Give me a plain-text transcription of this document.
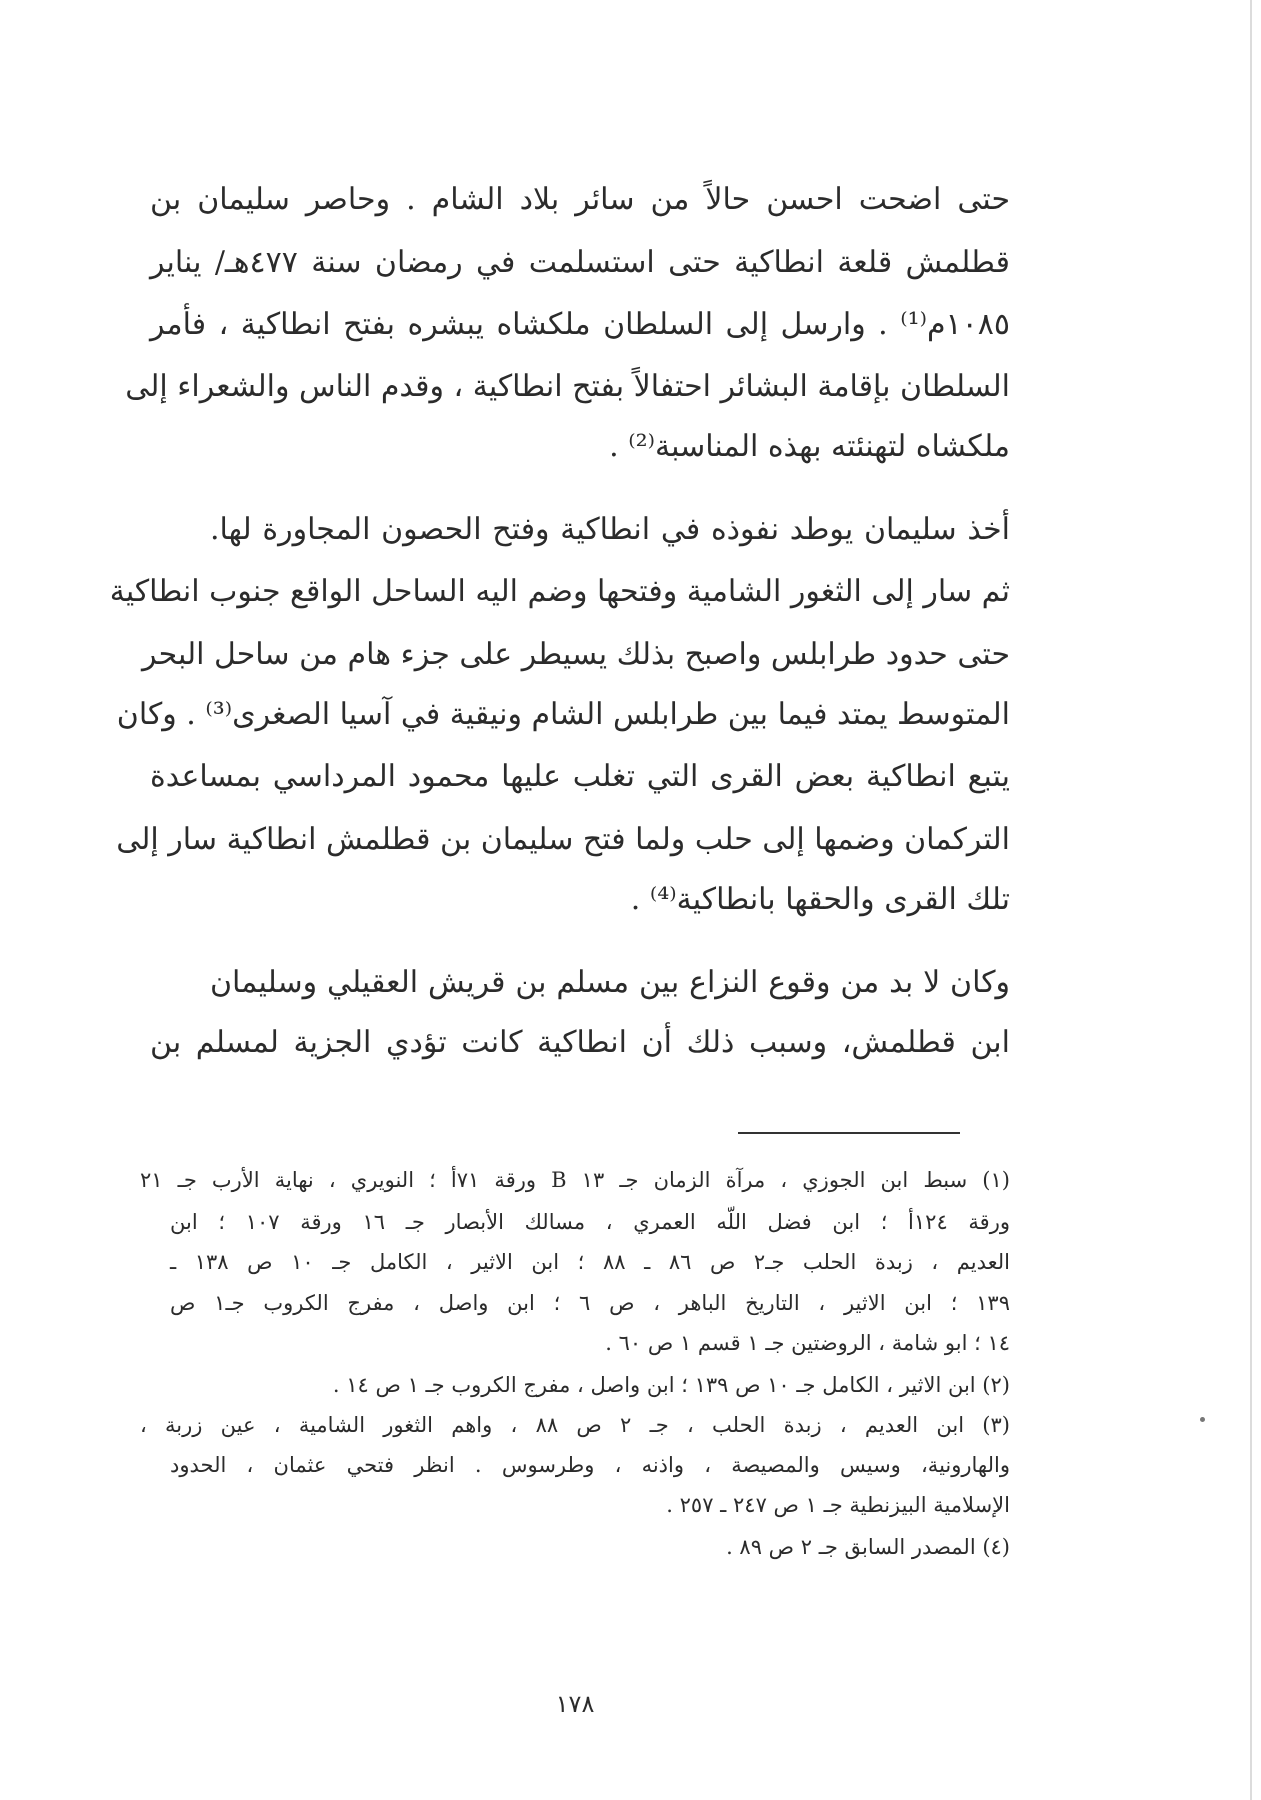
حتى اضحت احسن حالاً من سائر بلاد الشام . وحاصر سليمان بن
قطلمش قلعة انطاكية حتى استسلمت في رمضان سنة ٤٧٧هـ/ يناير
١٠٨٥م⁽¹⁾ . وارسل إلى السلطان ملكشاه يبشره بفتح انطاكية ، فأمر
السلطان بإقامة البشائر احتفالاً بفتح انطاكية ، وقدم الناس والشعراء إلى
ملكشاه لتهنئته بهذه المناسبة⁽²⁾ .
أخذ سليمان يوطد نفوذه في انطاكية وفتح الحصون المجاورة لها.
ثم سار إلى الثغور الشامية وفتحها وضم اليه الساحل الواقع جنوب انطاكية
حتى حدود طرابلس واصبح بذلك يسيطر على جزء هام من ساحل البحر
المتوسط يمتد فيما بين طرابلس الشام ونيقية في آسيا الصغرى⁽³⁾ . وكان
يتبع انطاكية بعض القرى التي تغلب عليها محمود المرداسي بمساعدة
التركمان وضمها إلى حلب ولما فتح سليمان بن قطلمش انطاكية سار إلى
تلك القرى والحقها بانطاكية⁽⁴⁾ .
وكان لا بد من وقوع النزاع بين مسلم بن قريش العقيلي وسليمان
ابن قطلمش، وسبب ذلك أن انطاكية كانت تؤدي الجزية لمسلم بن
(١) سبط ابن الجوزي ، مرآة الزمان جـ ١٣ B ورقة ٧١أ ؛ النويري ، نهاية الأرب جـ ٢١
ورقة ١٢٤أ ؛ ابن فضل اللّه العمري ، مسالك الأبصار جـ ١٦ ورقة ١٠٧ ؛ ابن
العديم ، زبدة الحلب جـ٢ ص ٨٦ ـ ٨٨ ؛ ابن الاثير ، الكامل جـ ١٠ ص ١٣٨ ـ
١٣٩ ؛ ابن الاثير ، التاريخ الباهر ، ص ٦ ؛ ابن واصل ، مفرج الكروب جـ١ ص
١٤ ؛ ابو شامة ، الروضتين جـ ١ قسم ١ ص ٦٠ .
(٢) ابن الاثير ، الكامل جـ ١٠ ص ١٣٩ ؛ ابن واصل ، مفرج الكروب جـ ١ ص ١٤ .
(٣) ابن العديم ، زبدة الحلب ، جـ ٢ ص ٨٨ ، واهم الثغور الشامية ، عين زربة ،
والهارونية، وسيس والمصيصة ، واذنه ، وطرسوس . انظر فتحي عثمان ، الحدود
الإسلامية البيزنطية جـ ١ ص ٢٤٧ ـ ٢٥٧ .
(٤) المصدر السابق جـ ٢ ص ٨٩ .
١٧٨
